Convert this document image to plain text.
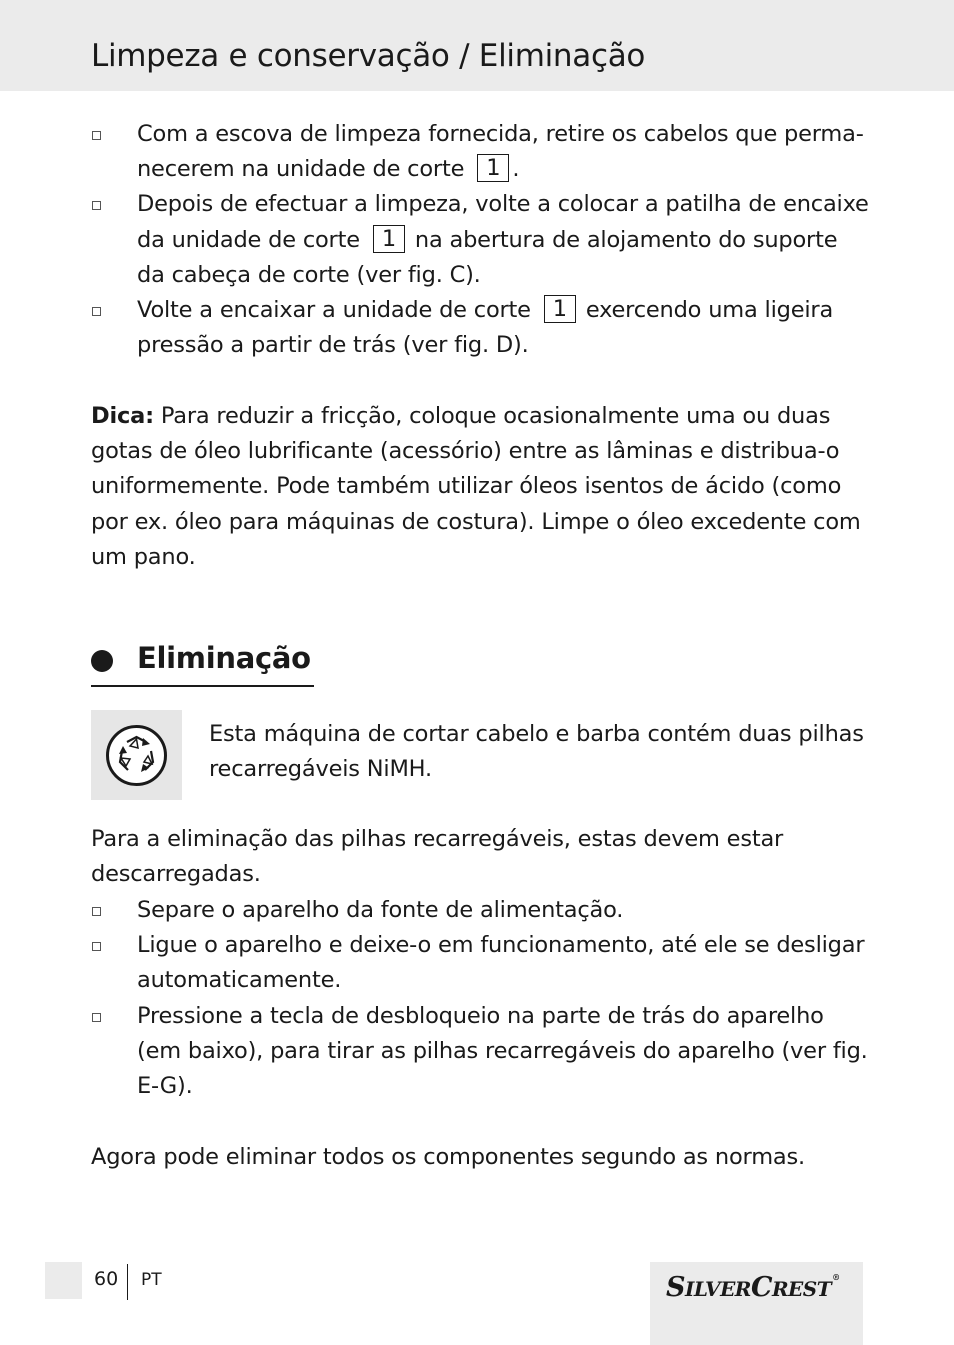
Limpeza e conservação / Eliminação
Com a escova de limpeza fornecida, retire os cabelos que perma-
necerem na unidade de corte 1 .
Depois de efectuar a limpeza, volte a colocar a patilha de encaixe
da unidade de corte 1 na abertura de alojamento do suporte
da cabeça de corte (ver fig. C).
Volte a encaixar a unidade de corte 1 exercendo uma ligeira
pressão a partir de trás (ver fig. D).

Dica: Para reduzir a fricção, coloque ocasionalmente uma ou duas gotas de óleo lubrificante (acessório) entre as lâminas e distribua-o uniformemente. Pode também utilizar óleos isentos de ácido (como por ex. óleo para máquinas de costura). Limpe o óleo excedente com um pano.

Eliminação

Esta máquina de cortar cabelo e barba contém duas pilhas recarregáveis NiMH.

Para a eliminação das pilhas recarregáveis, estas devem estar descarregadas.

Separe o aparelho da fonte de alimentação.
Ligue o aparelho e deixe-o em funcionamento, até ele se desligar automaticamente.
Pressione a tecla de desbloqueio na parte de trás do aparelho (em baixo), para tirar as pilhas recarregáveis do aparelho (ver fig. E-G).

Agora pode eliminar todos os componentes segundo as normas.

60 PT	SILVERCREST®
